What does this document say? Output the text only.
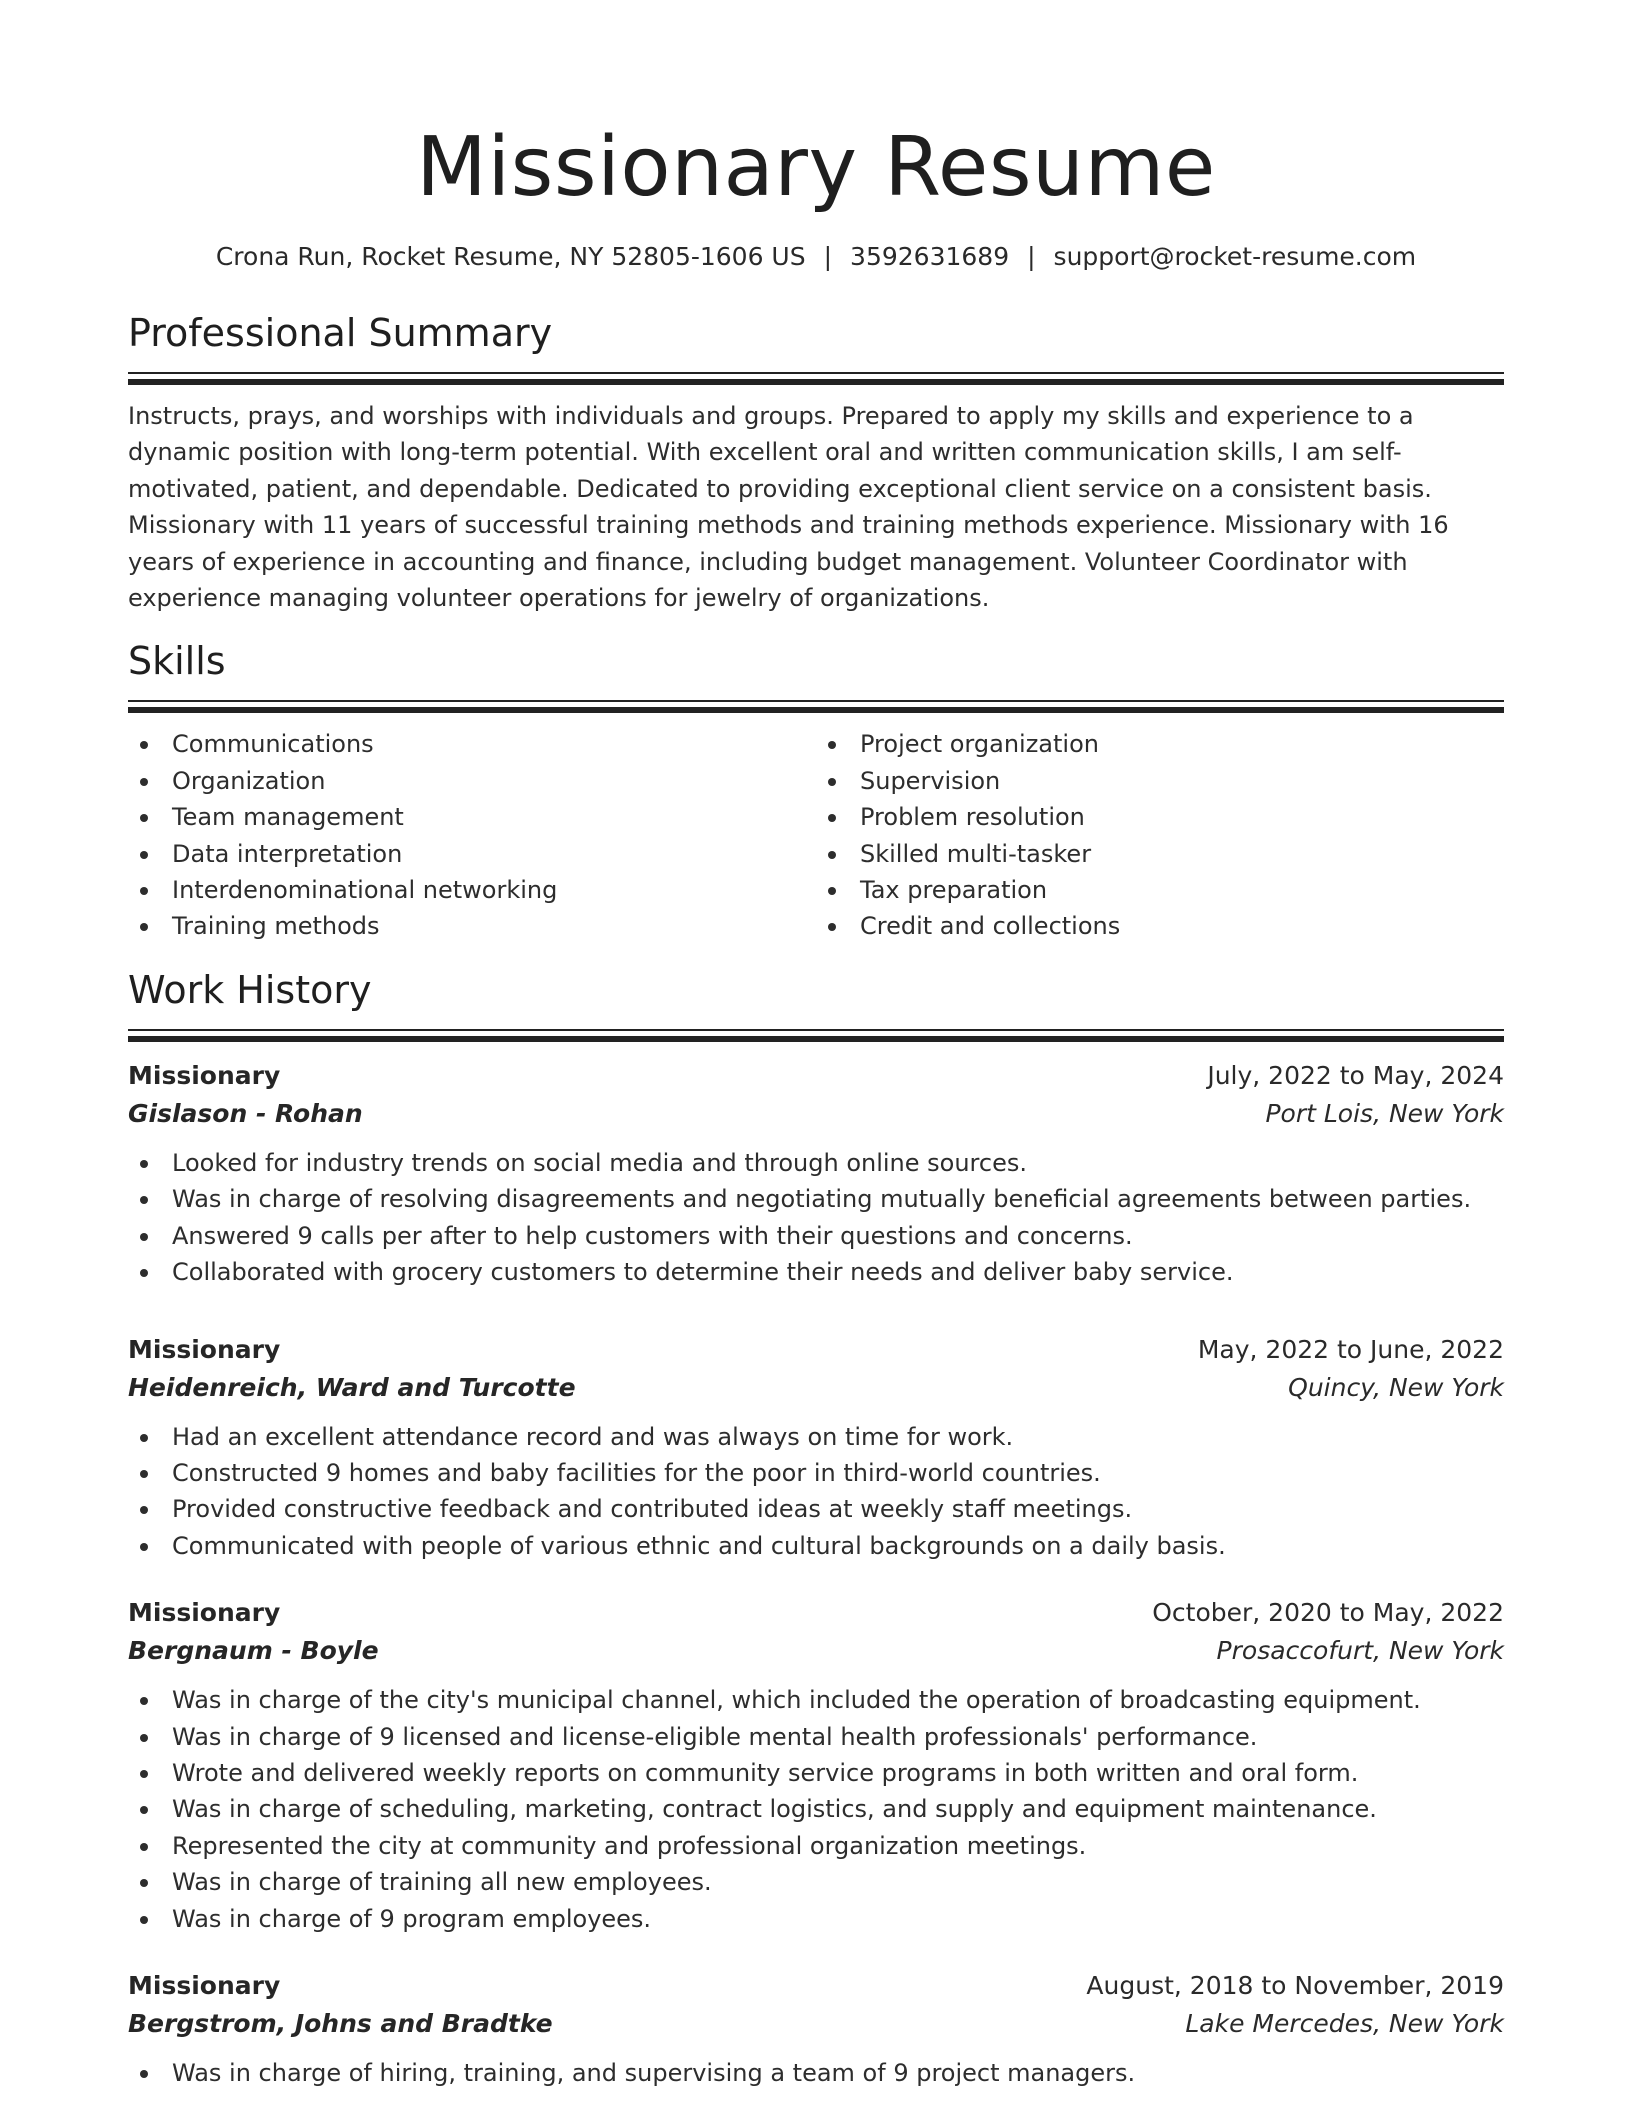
Missionary Resume
Crona Run, Rocket Resume, NY 52805-1606 US | 3592631689 | support@rocket-resume.com
Professional Summary

Instructs, prays, and worships with individuals and groups. Prepared to apply my skills and experience to a dynamic position with long-term potential. With excellent oral and written communication skills, I am self-motivated, patient, and dependable. Dedicated to providing exceptional client service on a consistent basis. Missionary with 11 years of successful training methods and training methods experience. Missionary with 16 years of experience in accounting and finance, including budget management. Volunteer Coordinator with experience managing volunteer operations for jewelry of organizations.

Skills
Communications
Organization
Team management
Data interpretation
Interdenominational networking
Training methods
Project organization
Supervision
Problem resolution
Skilled multi-tasker
Tax preparation
Credit and collections
Work History
Missionary	July, 2022 to May, 2024
Gislason - Rohan	Port Lois, New York
Looked for industry trends on social media and through online sources.
Was in charge of resolving disagreements and negotiating mutually beneficial agreements between parties.
Answered 9 calls per after to help customers with their questions and concerns.
Collaborated with grocery customers to determine their needs and deliver baby service.
Missionary	May, 2022 to June, 2022
Heidenreich, Ward and Turcotte	Quincy, New York
Had an excellent attendance record and was always on time for work.
Constructed 9 homes and baby facilities for the poor in third-world countries.
Provided constructive feedback and contributed ideas at weekly staff meetings.
Communicated with people of various ethnic and cultural backgrounds on a daily basis.
Missionary	October, 2020 to May, 2022
Bergnaum - Boyle	Prosaccofurt, New York
Was in charge of the city's municipal channel, which included the operation of broadcasting equipment.
Was in charge of 9 licensed and license-eligible mental health professionals' performance.
Wrote and delivered weekly reports on community service programs in both written and oral form.
Was in charge of scheduling, marketing, contract logistics, and supply and equipment maintenance.
Represented the city at community and professional organization meetings.
Was in charge of training all new employees.
Was in charge of 9 program employees.
Missionary	August, 2018 to November, 2019
Bergstrom, Johns and Bradtke	Lake Mercedes, New York
Was in charge of hiring, training, and supervising a team of 9 project managers.
